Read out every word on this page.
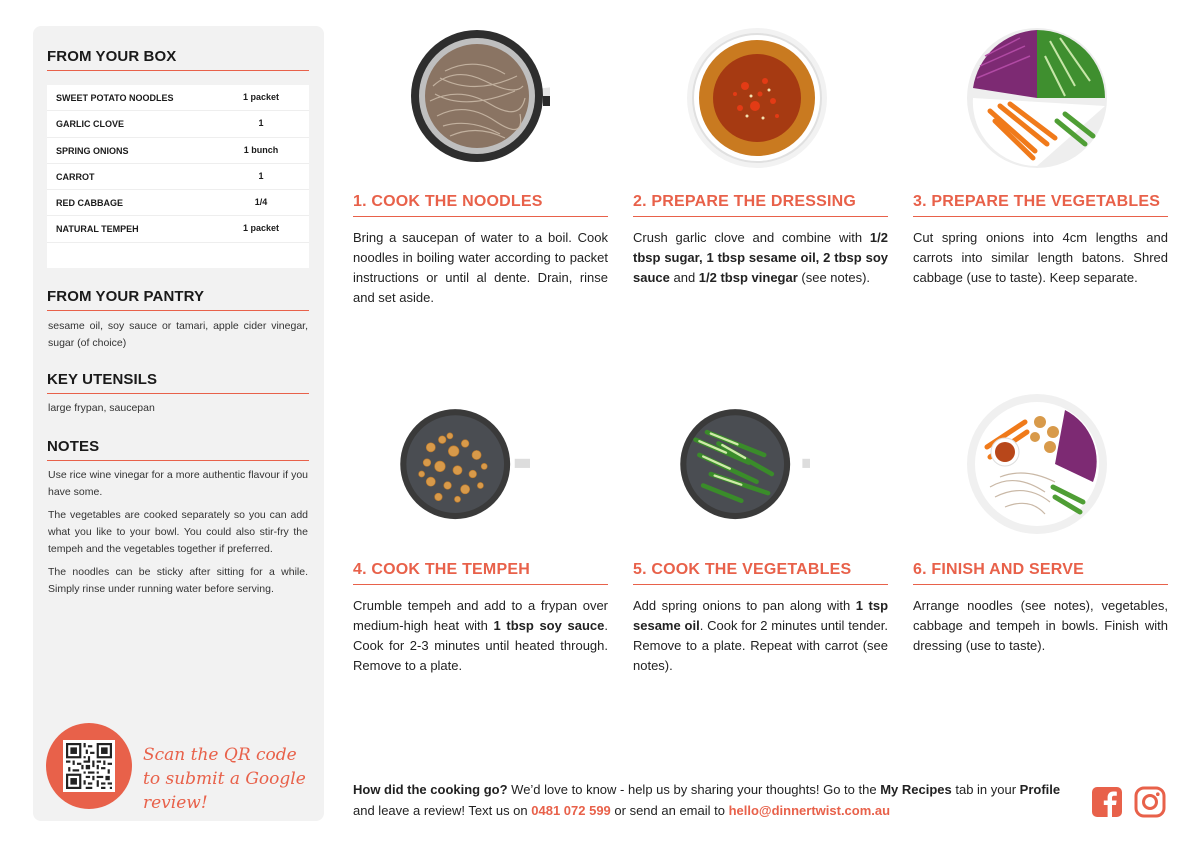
FROM YOUR BOX
SWEET POTATO NOODLES	1 packet
GARLIC CLOVE	1
SPRING ONIONS	1 bunch
CARROT	1
RED CABBAGE	1/4
NATURAL TEMPEH	1 packet
FROM YOUR PANTRY
sesame oil, soy sauce or tamari, apple cider vinegar, sugar (of choice)
KEY UTENSILS
large frypan, saucepan
NOTES
Use rice wine vinegar for a more authentic flavour if you have some.
The vegetables are cooked separately so you can add what you like to your bowl. You could also stir-fry the tempeh and the vegetables together if preferred.
The noodles can be sticky after sitting for a while. Simply rinse under running water before serving.
Scan the QR code to submit a Google review!
1. COOK THE NOODLES
Bring a saucepan of water to a boil. Cook noodles in boiling water according to packet instructions or until al dente. Drain, rinse and set aside.
2. PREPARE THE DRESSING
Crush garlic clove and combine with 1/2 tbsp sugar, 1 tbsp sesame oil, 2 tbsp soy sauce and 1/2 tbsp vinegar (see notes).
3. PREPARE THE VEGETABLES
Cut spring onions into 4cm lengths and carrots into similar length batons. Shred cabbage (use to taste). Keep separate.
4. COOK THE TEMPEH
Crumble tempeh and add to a frypan over medium-high heat with 1 tbsp soy sauce. Cook for 2-3 minutes until heated through. Remove to a plate.
5. COOK THE VEGETABLES
Add spring onions to pan along with 1 tsp sesame oil. Cook for 2 minutes until tender. Remove to a plate. Repeat with carrot (see notes).
6. FINISH AND SERVE
Arrange noodles (see notes), vegetables, cabbage and tempeh in bowls. Finish with dressing (use to taste).
How did the cooking go? We’d love to know - help us by sharing your thoughts! Go to the My Recipes tab in your Profile and leave a review! Text us on 0481 072 599 or send an email to hello@dinnertwist.com.au
